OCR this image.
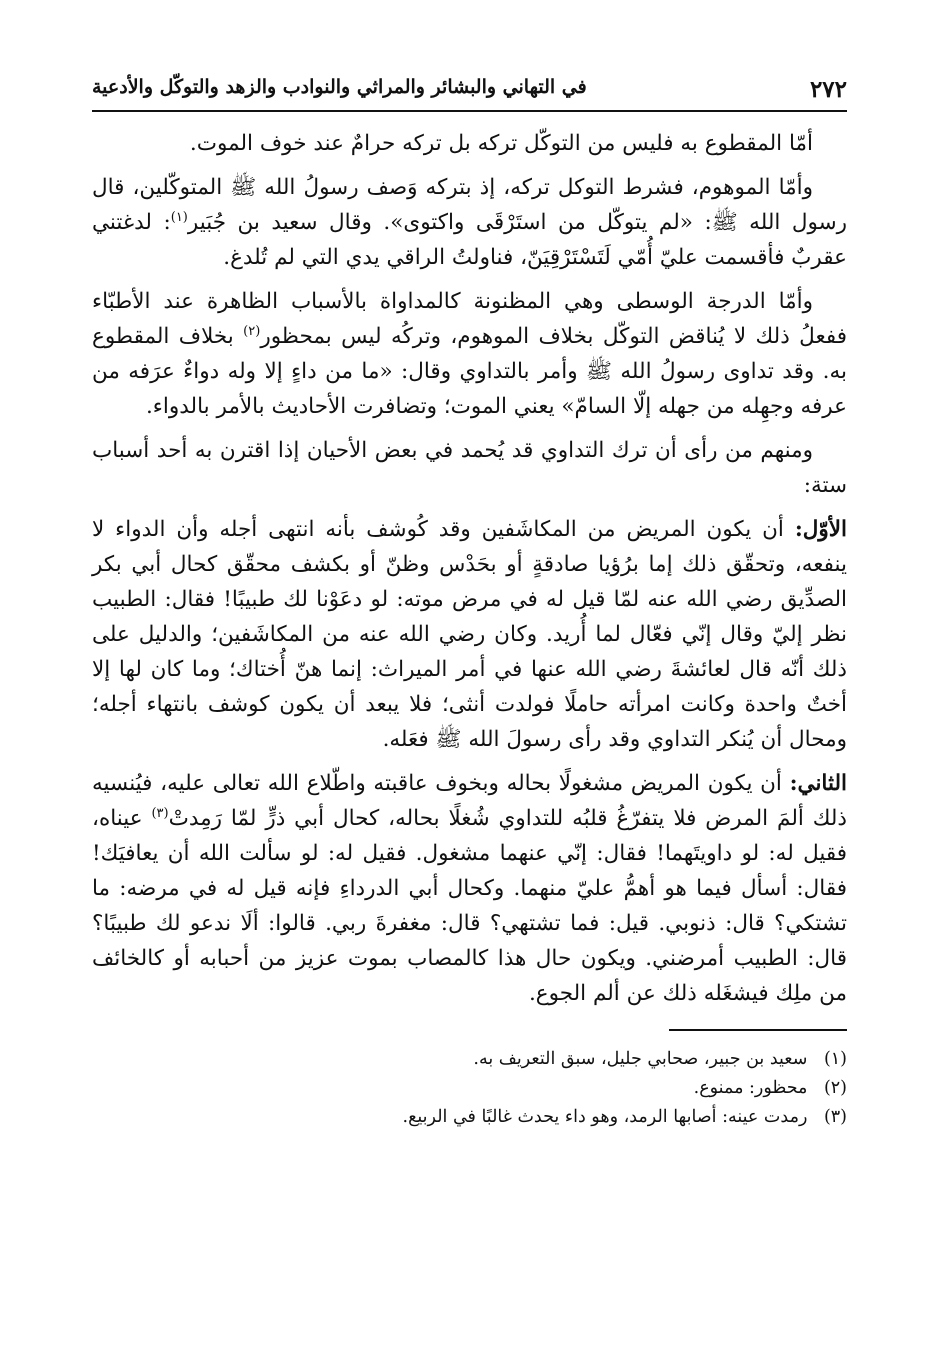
٢٧٢
في التهاني والبشائر والمراثي والنوادب والزهد والتوكّل والأدعية

أمّا المقطوع به فليس من التوكّل تركه بل تركه حرامٌ عند خوف الموت.

وأمّا الموهوم، فشرط التوكل تركه، إذ بتركه وَصف رسولُ الله ﷺ المتوكّلين، قال رسول الله ﷺ: «لم يتوكّل من استَرْقَى واكتوى». وقال سعيد بن جُبَير$^{(١)}$: لدغتني عقربٌ فأقسمت عليّ أُمّي لَتَسْتَرْقِيَنّ، فناولتُ الراقي يدي التي لم تُلدغ.

وأمّا الدرجة الوسطى وهي المظنونة كالمداواة بالأسباب الظاهرة عند الأطبّاء ففعلُ ذلك لا يُناقض التوكّل بخلاف الموهوم، وتركُه ليس بمحظور$^{(٢)}$ بخلاف المقطوع به. وقد تداوى رسولُ الله ﷺ وأمر بالتداوي وقال: «ما من داءٍ إلا وله دواءٌ عرَفه من عرفه وجهِله من جهله إلّا السامّ» يعني الموت؛ وتضافرت الأحاديث بالأمر بالدواء.

ومنهم من رأى أن ترك التداوي قد يُحمد في بعض الأحيان إذا اقترن به أحد أسباب ستة:

الأوّل: أن يكون المريض من المكاشَفين وقد كُوشف بأنه انتهى أجله وأن الدواء لا ينفعه، وتحقّق ذلك إما برُؤيا صادقةٍ أو بحَدْس وظنّ أو بكشف محقّق كحال أبي بكر الصدِّيق رضي الله عنه لمّا قيل له في مرض موته: لو دعَوْنا لك طبيبًا! فقال: الطبيب نظر إليّ وقال إنّي فعّال لما أُريد. وكان رضي الله عنه من المكاشَفين؛ والدليل على ذلك أنّه قال لعائشةَ رضي الله عنها في أمر الميراث: إنما هنّ أُختاك؛ وما كان لها إلا أختٌ واحدة وكانت امرأته حاملًا فولدت أنثى؛ فلا يبعد أن يكون كوشف بانتهاء أجله؛ ومحال أن يُنكر التداوي وقد رأى رسولَ الله ﷺ فعَله.

الثاني: أن يكون المريض مشغولًا بحاله وبخوف عاقبته واطّلاع الله تعالى عليه، فيُنسيه ذلك ألمَ المرض فلا يتفرّغُ قلبُه للتداوي شُغلًا بحاله، كحال أبي ذرٍّ لمّا رَمِدتْ$^{(٣)}$ عيناه، فقيل له: لو داويتَهما! فقال: إنّي عنهما مشغول. فقيل له: لو سألت الله أن يعافيَك! فقال: أسأل فيما هو أهمُّ عليّ منهما. وكحال أبي الدرداءِ فإنه قيل له في مرضه: ما تشتكي؟ قال: ذنوبي. قيل: فما تشتهي؟ قال: مغفرةَ ربي. قالوا: ألَا ندعو لك طبيبًا؟ قال: الطبيب أمرضني. ويكون حال هذا كالمصاب بموت عزيز من أحبابه أو كالخائف من ملِك فيشغَله ذلك عن ألم الجوع.

(١) سعيد بن جبير، صحابي جليل، سبق التعريف به.

(٢) محظور: ممنوع.

(٣) رمدت عينه: أصابها الرمد، وهو داء يحدث غالبًا في الربيع.
